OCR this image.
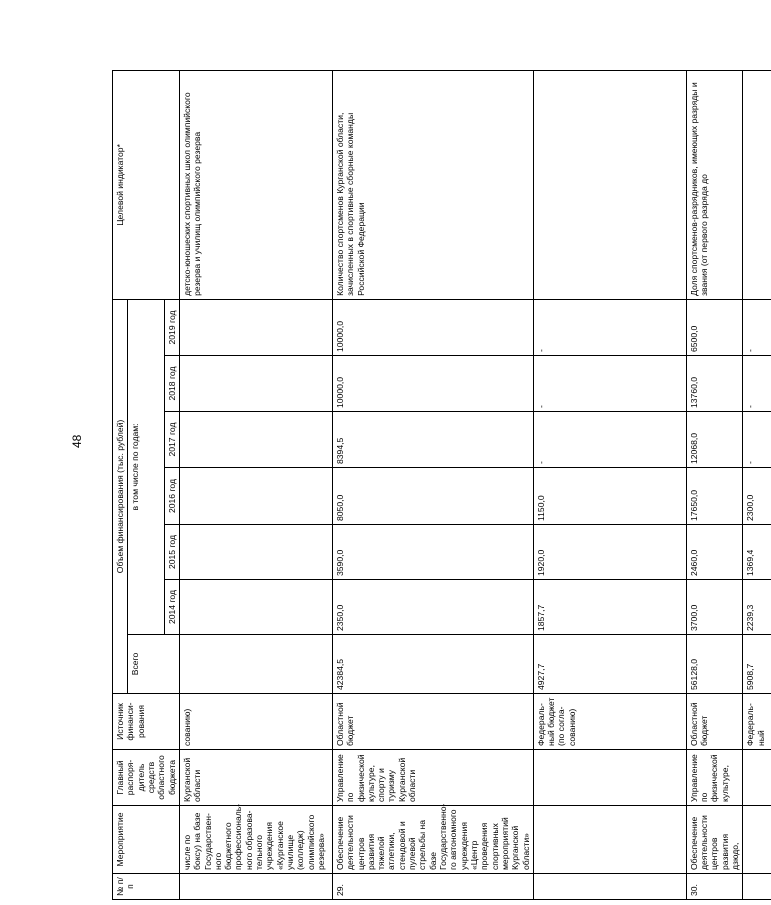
48
№ п/п	Мероприятие	Главный распоря-дитель средств областного бюджета	Источник финанси-рования	Объем финансирования (тыс. рублей)							Целевой индикатор*
				Всего	в том числе по годам:						
					2014 год	2015 год	2016 год	2017 год	2018 год	2019 год	
	числе по боксу) на базе Государствен-ного бюджетного профессиональ-ного образова-тельного учреждения «Курганское училище (колледж) олимпийского резерва»	Курганской области	сованию)								детско-юношеских спортивных школ олимпийского резерва и училищ олимпийского резерва
29.	Обеспечение деятельности центров развития тяжелой атлетики, стендовой и пулевой стрельбы на базе Государственно-го автономного учреждения «Центр проведения спортивных мероприятий Курганской области»	Управление по физической культуре, спорту и туризму Курганской области	Областной бюджет	42384,5	2350,0	3590,0	8050,0	8394,5	10000,0	10000,0	Количество спортсменов Курганской области, зачисленных в спортивные сборные команды Российской Федерации
			Федераль-ный бюджет (по согла-сованию)	4927,7	1857,7	1920,0	1150,0	-	-	-	
30.	Обеспечение деятельности центров развития дзюдо,	Управление по физической культуре,	Областной бюджет	56128,0	3700,0	2460,0	17650,0	12068,0	13760,0	6500,0	Доля спортсменов-разрядников, имеющих разряды и звания (от первого разряда до
			Федераль-ный	5908,7	2239,3	1369,4	2300,0	-	-	-	
